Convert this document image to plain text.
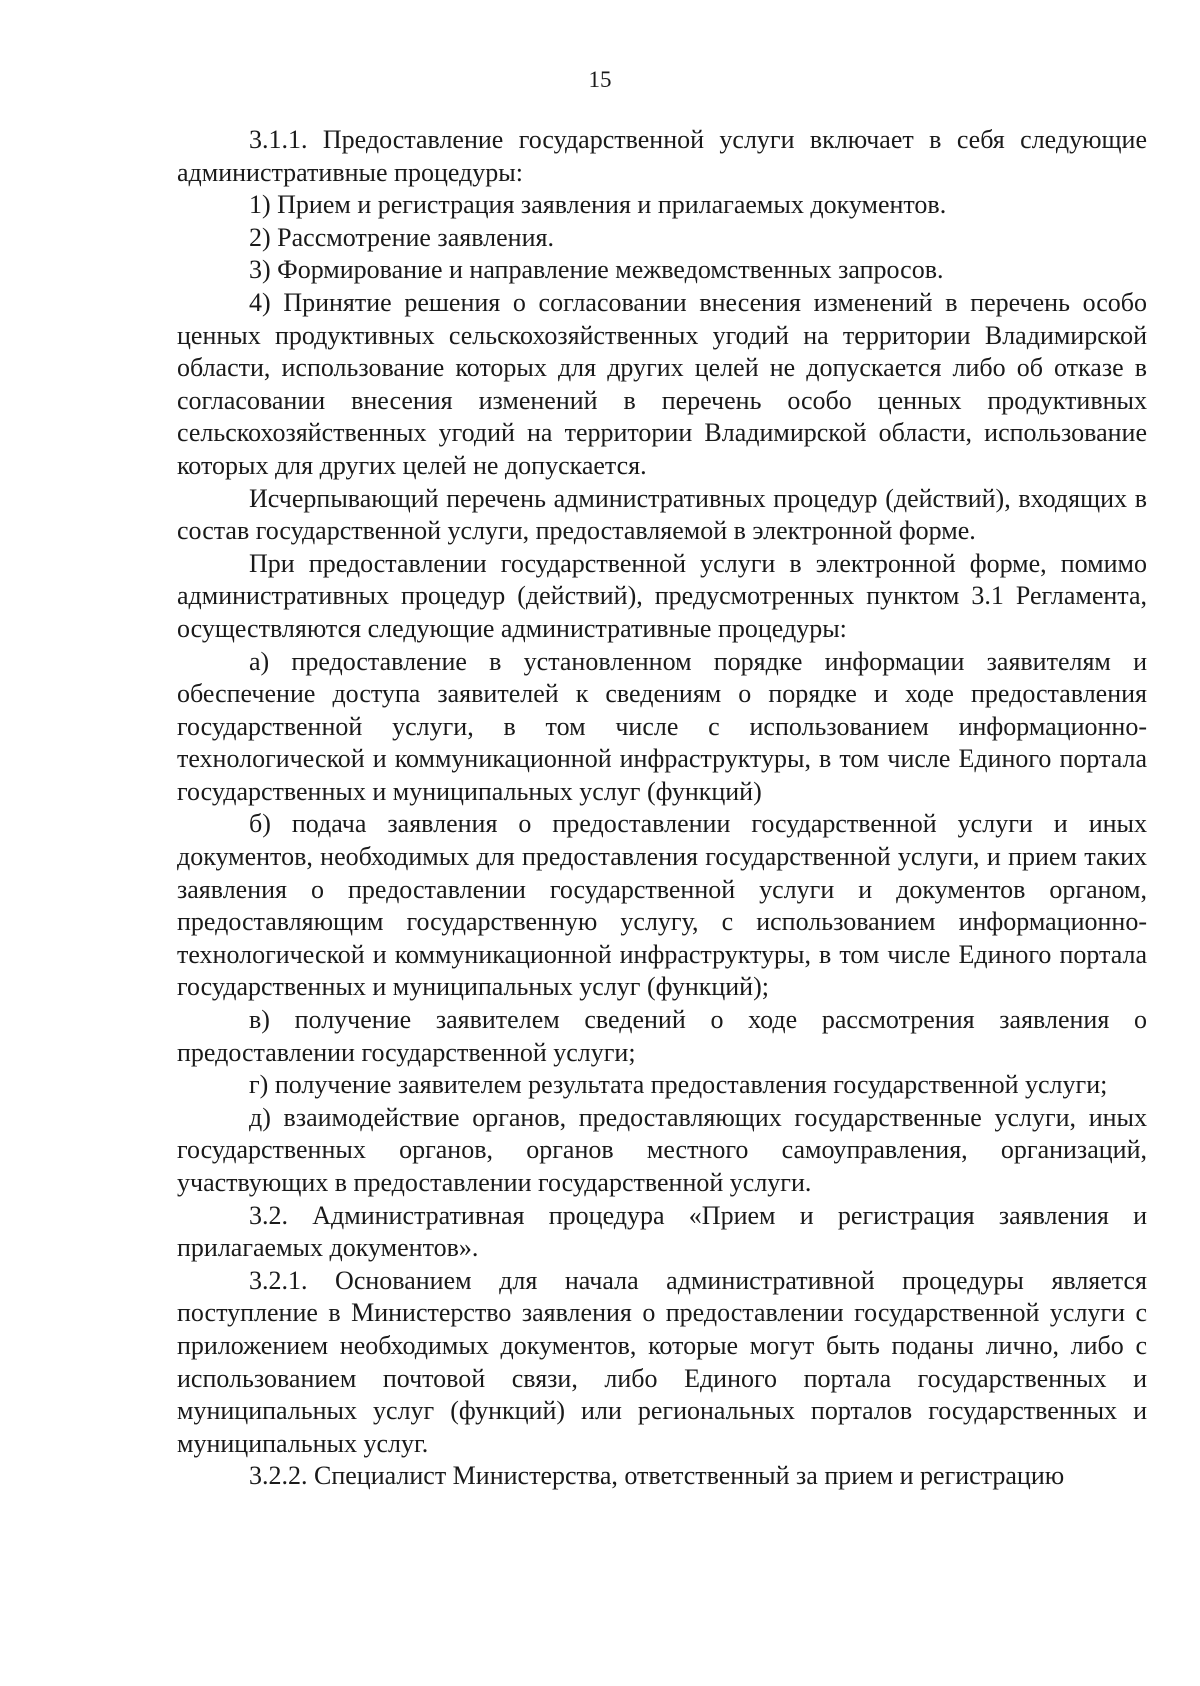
15

3.1.1. Предоставление государственной услуги включает в себя следующие административные процедуры:

1) Прием и регистрация заявления и прилагаемых документов.

2) Рассмотрение заявления.

3) Формирование и направление межведомственных запросов.

4) Принятие решения о согласовании внесения изменений в перечень особо ценных продуктивных сельскохозяйственных угодий на территории Владимирской области, использование которых для других целей не допускается либо об отказе в согласовании внесения изменений в перечень особо ценных продуктивных сельскохозяйственных угодий на территории Владимирской области, использование которых для других целей не допускается.

Исчерпывающий перечень административных процедур (действий), входящих в состав государственной услуги, предоставляемой в электронной форме.

При предоставлении государственной услуги в электронной форме, помимо административных процедур (действий), предусмотренных пунктом 3.1 Регламента, осуществляются следующие административные процедуры:

а) предоставление в установленном порядке информации заявителям и обеспечение доступа заявителей к сведениям о порядке и ходе предоставления государственной услуги, в том числе с использованием информационно-технологической и коммуникационной инфраструктуры, в том числе Единого портала государственных и муниципальных услуг (функций)

б) подача заявления о предоставлении государственной услуги и иных документов, необходимых для предоставления государственной услуги, и прием таких заявления о предоставлении государственной услуги и документов органом, предоставляющим государственную услугу, с использованием информационно-технологической и коммуникационной инфраструктуры, в том числе Единого портала государственных и муниципальных услуг (функций);

в) получение заявителем сведений о ходе рассмотрения заявления о предоставлении государственной услуги;

г) получение заявителем результата предоставления государственной услуги;

д) взаимодействие органов, предоставляющих государственные услуги, иных государственных органов, органов местного самоуправления, организаций, участвующих в предоставлении государственной услуги.

3.2. Административная процедура «Прием и регистрация заявления и прилагаемых документов».

3.2.1. Основанием для начала административной процедуры является поступление в Министерство заявления о предоставлении государственной услуги с приложением необходимых документов, которые могут быть поданы лично, либо с использованием почтовой связи, либо Единого портала государственных и муниципальных услуг (функций) или региональных порталов государственных и муниципальных услуг.

3.2.2. Специалист Министерства, ответственный за прием и регистрацию
